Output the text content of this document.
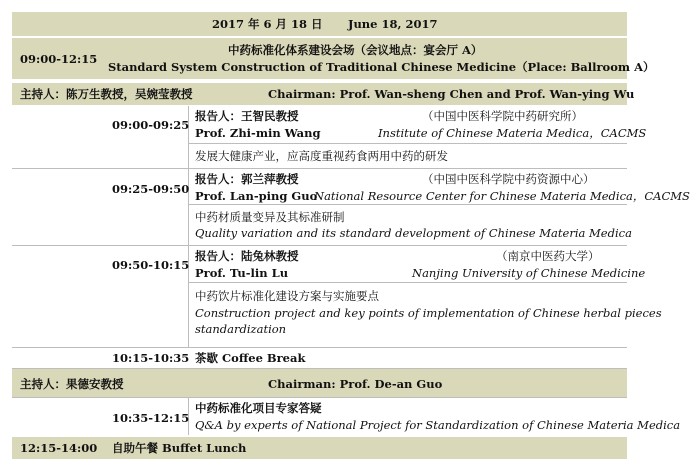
2017 年 6 月 18 日 June 18, 2017
09:00-12:15
中药标准化体系建设会场（会议地点：宴会厅 A）
Standard System Construction of Traditional Chinese Medicine（Place: Ballroom A）
主持人：陈万生教授，吴婉莹教授	Chairman: Prof. Wan-sheng Chen and Prof. Wan-ying Wu
09:00-09:25
报告人：王智民教授	（中国中医科学院中药研究所）
Prof. Zhi-min Wang	Institute of Chinese Materia Medica，CACMS
发展大健康产业，应高度重视药食两用中药的研发
09:25-09:50
报告人：郭兰萍教授	（中国中医科学院中药资源中心）
Prof. Lan-ping Guo
National Resource Center for Chinese Materia Medica，CACMS
中药材质量变异及其标准研制
Quality variation and its standard development of Chinese Materia Medica
09:50-10:15
报告人：陆兔林教授	（南京中医药大学）
Prof. Tu-lin Lu	Nanjing University of Chinese Medicine
中药饮片标准化建设方案与实施要点
Construction project and key points of implementation of Chinese herbal pieces
standardization
10:15-10:35 茶歇 Coffee Break
主持人：果德安教授	Chairman: Prof. De-an Guo
10:35-12:15
中药标准化项目专家答疑
Q&A by experts of National Project for Standardization of Chinese Materia Medica
12:15-14:00 自助午餐 Buffet Lunch
